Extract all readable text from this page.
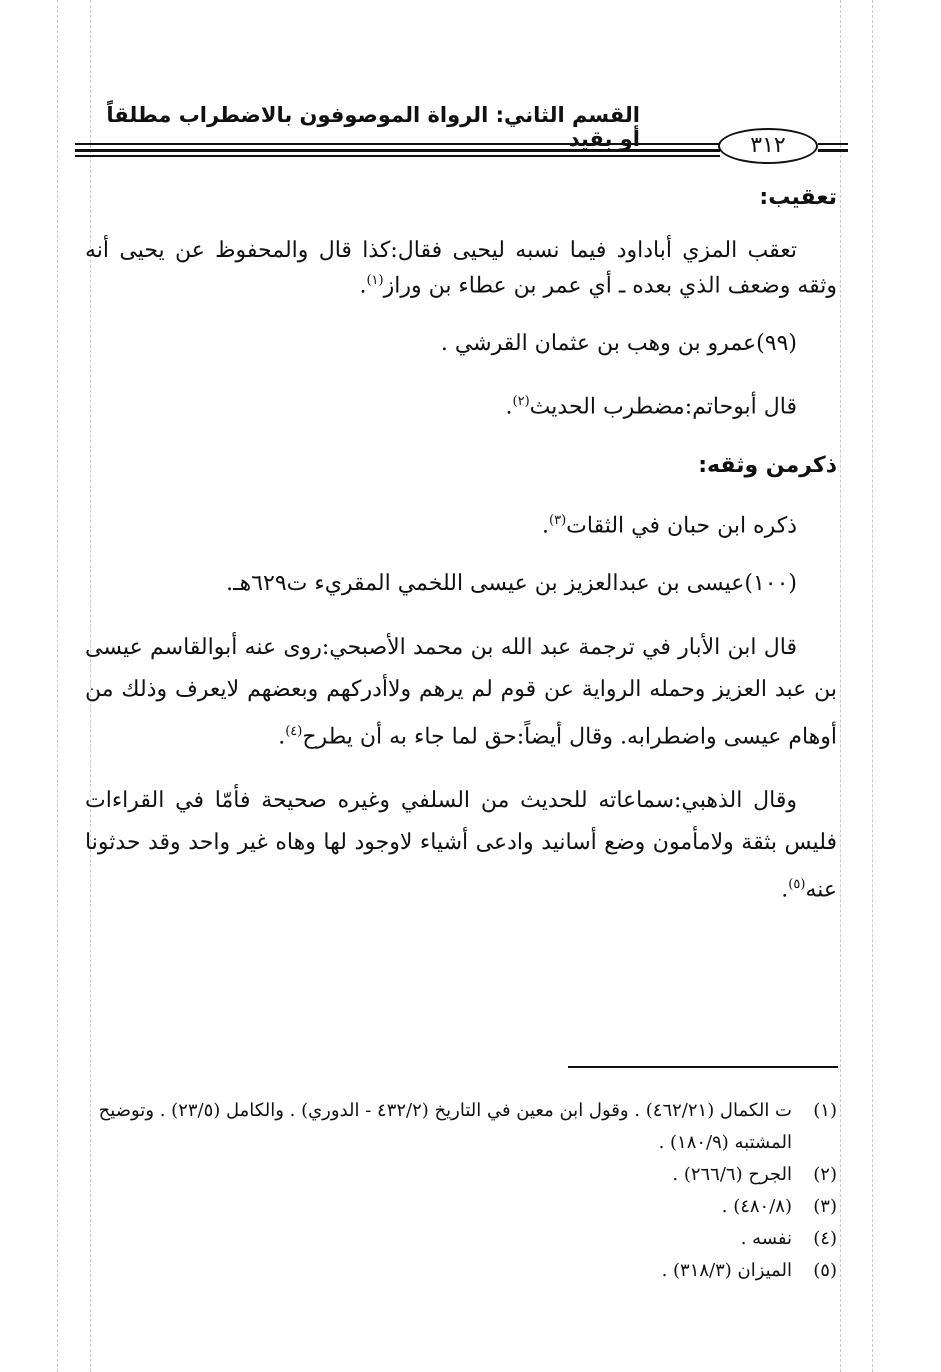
القسم الثاني: الرواة الموصوفون بالاضطراب مطلقاً أو بقيد	٣١٢

تعقيب:

تعقب المزي أباداود فيما نسبه ليحيى فقال:كذا قال والمحفوظ عن يحيى أنه وثقه وضعف الذي بعده ـ أي عمر بن عطاء بن وراز$^{(١)}$.

(٩٩)عمرو بن وهب بن عثمان القرشي .

قال أبوحاتم:مضطرب الحديث$^{(٢)}$.

ذكرمن وثقه:

ذكره ابن حبان في الثقات$^{(٣)}$.

(١٠٠)عيسى بن عبدالعزيز بن عيسى اللخمي المقريء ت٦٢٩هـ.

قال ابن الأبار في ترجمة عبد الله بن محمد الأصبحي:روى عنه أبوالقاسم عيسى بن عبد العزيز وحمله الرواية عن قوم لم يرهم ولاأدركهم وبعضهم لايعرف وذلك من أوهام عيسى واضطرابه. وقال أيضاً:حق لما جاء به أن يطرح$^{(٤)}$.

وقال الذهبي:سماعاته للحديث من السلفي وغيره صحيحة فأمّا في القراءات فليس بثقة ولامأمون وضع أسانيد وادعى أشياء لاوجود لها وهاه غير واحد وقد حدثونا عنه$^{(٥)}$.

(١)
ت الكمال (٤٦٢/٢١) . وقول ابن معين في التاريخ (٤٣٢/٢ - الدوري) . والكامل (٢٣/٥) . وتوضيح المشتبه (١٨٠/٩) .

(٢)
الجرح (٢٦٦/٦) .

(٣)
(٤٨٠/٨) .

(٤)
نفسه .

(٥)
الميزان (٣١٨/٣) .
